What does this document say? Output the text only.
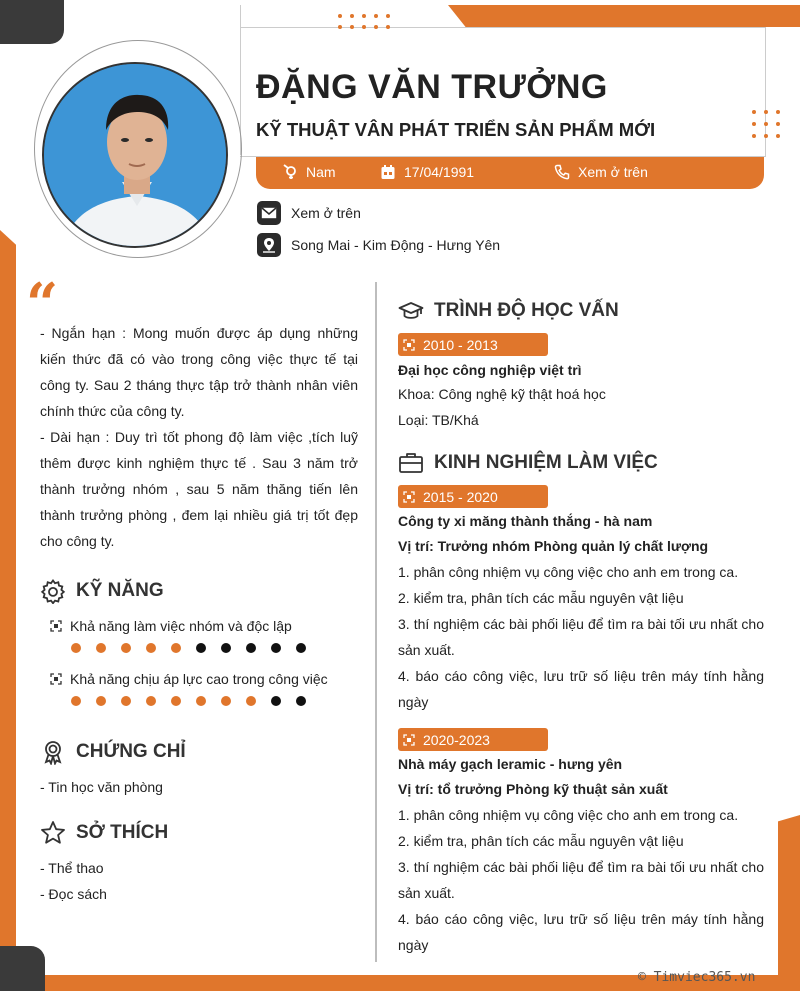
ĐẶNG VĂN TRƯỞNG
KỸ THUẬT VÂN PHÁT TRIỂN SẢN PHẨM MỚI
Nam	17/04/1991	Xem ở trên
Xem ở trên
Song Mai - Kim Động - Hưng Yên
“

- Ngắn hạn : Mong muốn được áp dụng những kiến thức đã có vào trong công việc thực tế tại công ty. Sau 2 tháng thực tập trở thành nhân viên chính thức của công ty.

- Dài hạn : Duy trì tốt phong độ làm việc ,tích luỹ thêm được kinh nghiệm thực tế . Sau 3 năm trở thành trưởng nhóm , sau 5 năm thăng tiến lên thành trưởng phòng , đem lại nhiều giá trị tốt đẹp cho công ty.

KỸ NĂNG
Khả năng làm việc nhóm và độc lập
Khả năng chịu áp lực cao trong công việc
CHỨNG CHỈ
- Tin học văn phòng
SỞ THÍCH
- Thể thao
- Đọc sách
TRÌNH ĐỘ HỌC VẤN
2010 - 2013
Đại học công nghiệp việt trì
Khoa: Công nghệ kỹ thật hoá học
Loại: TB/Khá
KINH NGHIỆM LÀM VIỆC
2015 - 2020
Công ty xi măng thành thắng - hà nam
Vị trí: Trưởng nhóm Phòng quản lý chất lượng
1. phân công nhiệm vụ công việc cho anh em trong ca.
2. kiểm tra, phân tích các mẫu nguyên vật liệu
3. thí nghiệm các bài phối liệu để tìm ra bài tối ưu nhất cho sản xuất.
4. báo cáo công việc, lưu trữ số liệu trên máy tính hằng ngày
2020-2023
Nhà máy gạch leramic - hưng yên
Vị trí: tổ trưởng Phòng kỹ thuật sản xuất
1. phân công nhiệm vụ công việc cho anh em trong ca.
2. kiểm tra, phân tích các mẫu nguyên vật liệu
3. thí nghiệm các bài phối liệu để tìm ra bài tối ưu nhất cho sản xuất.
4. báo cáo công việc, lưu trữ số liệu trên máy tính hằng ngày
© Timviec365.vn
